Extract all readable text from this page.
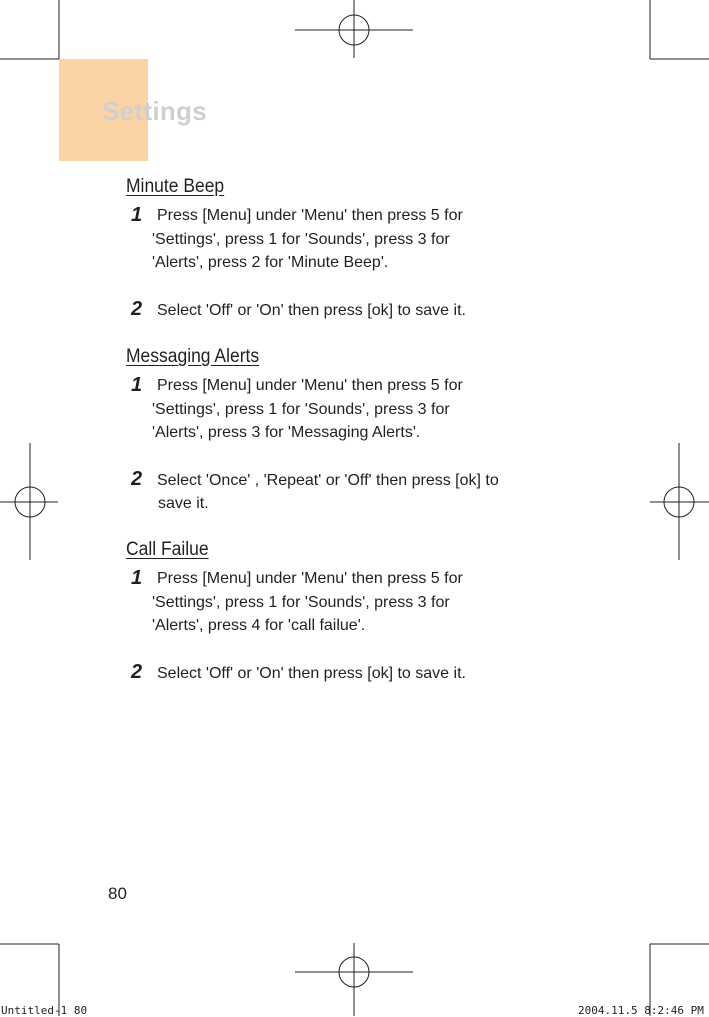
Settings
Minute Beep
1 Press [Menu] under 'Menu' then press 5 for
'Settings', press 1 for 'Sounds', press 3 for
'Alerts', press 2 for 'Minute Beep'.
2 Select 'Off' or 'On' then press [ok] to save it.
Messaging Alerts
1 Press [Menu] under 'Menu' then press 5 for
'Settings', press 1 for 'Sounds', press 3 for
'Alerts', press 3 for 'Messaging Alerts'.
2 Select 'Once' , 'Repeat' or 'Off' then press [ok] to
save it.
Call Failue
1 Press [Menu] under 'Menu' then press 5 for
'Settings', press 1 for 'Sounds', press 3 for
'Alerts', press 4 for 'call failue'.
2 Select 'Off' or 'On' then press [ok] to save it.
80
Untitled-1 80	2004.11.5 8:2:46 PM
